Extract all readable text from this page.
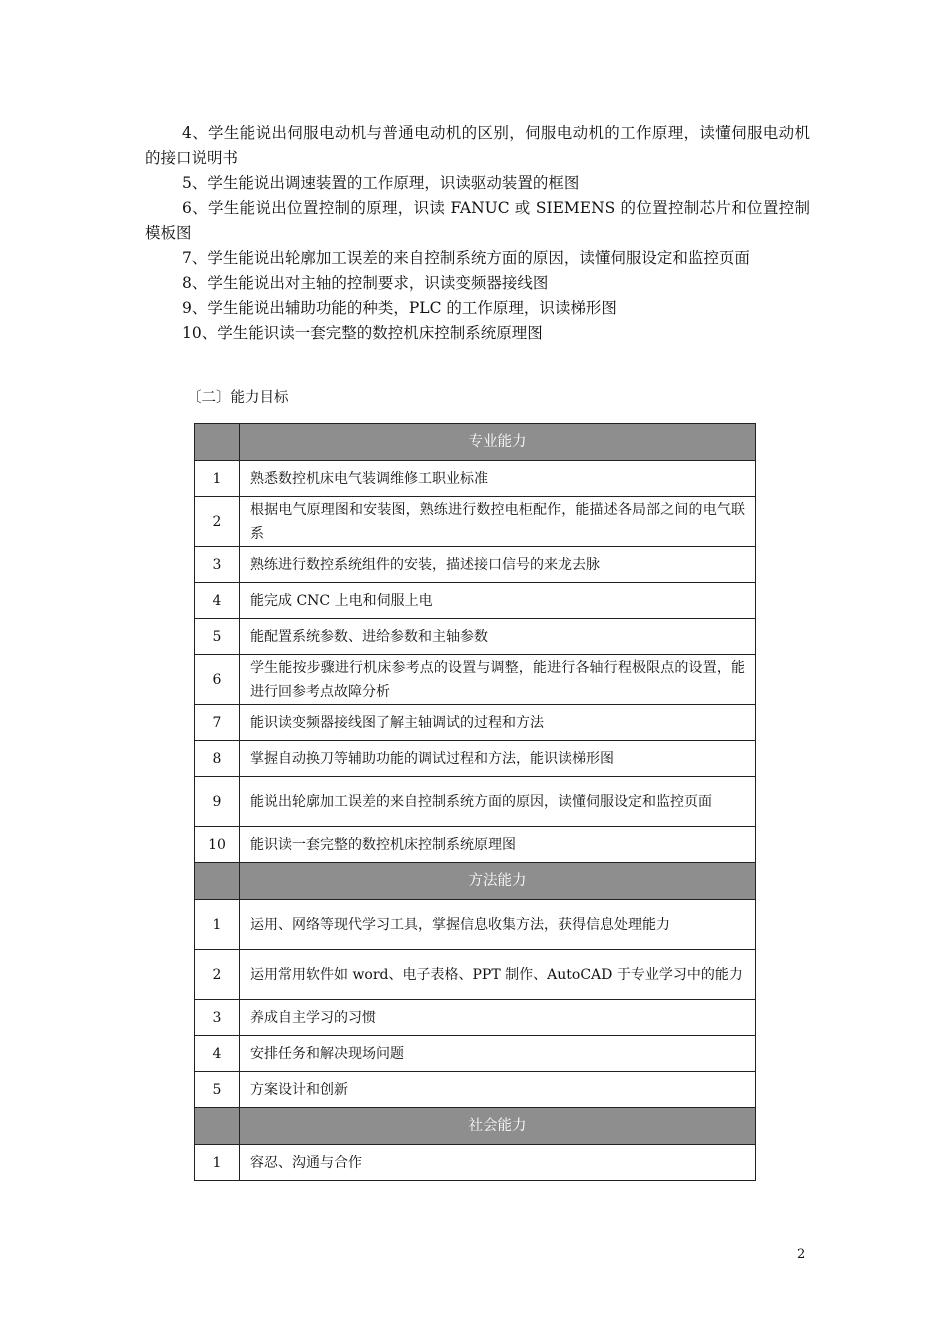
4、学生能说出伺服电动机与普通电动机的区别，伺服电动机的工作原理，读懂伺服电动机的接口说明书

5、学生能说出调速装置的工作原理，识读驱动装置的框图

6、学生能说出位置控制的原理，识读 FANUC 或 SIEMENS 的位置控制芯片和位置控制模板图

7、学生能说出轮廓加工误差的来自控制系统方面的原因，读懂伺服设定和监控页面

8、学生能说出对主轴的控制要求，识读变频器接线图

9、学生能说出辅助功能的种类，PLC 的工作原理，识读梯形图

10、学生能识读一套完整的数控机床控制系统原理图

〔二〕能力目标
	专业能力
1	熟悉数控机床电气装调维修工职业标准
2	根据电气原理图和安装图，熟练进行数控电柜配作，能描述各局部之间的电气联系
3	熟练进行数控系统组件的安装，描述接口信号的来龙去脉
4	能完成 CNC 上电和伺服上电
5	能配置系统参数、进给参数和主轴参数
6	学生能按步骤进行机床参考点的设置与调整，能进行各轴行程极限点的设置，能进行回参考点故障分析
7	能识读变频器接线图了解主轴调试的过程和方法
8	掌握自动换刀等辅助功能的调试过程和方法，能识读梯形图
9	能说出轮廓加工误差的来自控制系统方面的原因，读懂伺服设定和监控页面
10	能识读一套完整的数控机床控制系统原理图
	方法能力
1	运用、网络等现代学习工具，掌握信息收集方法，获得信息处理能力
2	运用常用软件如 word、电子表格、PPT 制作、AutoCAD 于专业学习中的能力
3	养成自主学习的习惯
4	安排任务和解决现场问题
5	方案设计和创新
	社会能力
1	容忍、沟通与合作
2
